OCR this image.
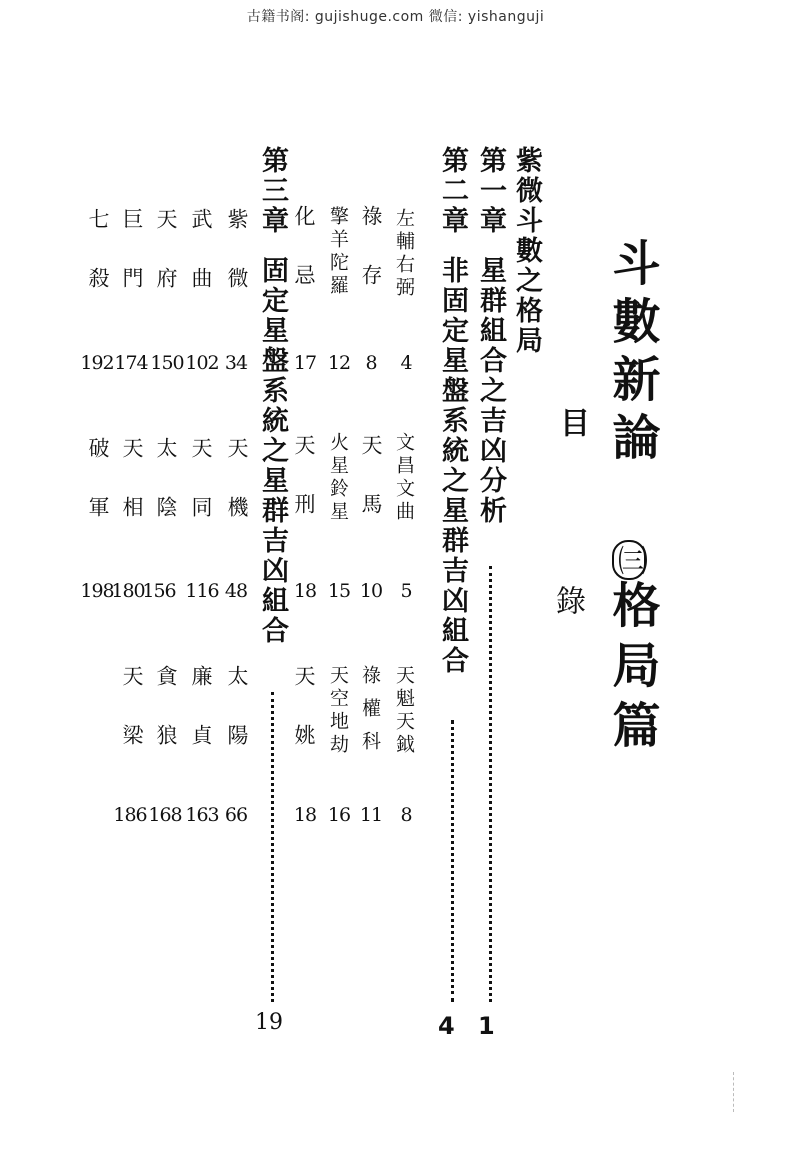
古籍书阁: gujishuge.com 微信: yishanguji
斗數新論
㈢
格局篇
目
錄
紫微斗數之格局
第一章星群組合之吉凶分析
1
第二章非固定星盤系統之星群吉凶組合
4
左輔右弼
4
文昌文曲
5
天魁天鉞
8
祿存
8
天馬
10
祿權科
11
擎羊陀羅
12
火星鈴星
15
天空地劫
16
化忌
17
天刑
18
天姚
18
第三章固定星盤系統之星群吉凶組合
19
紫微
34
天機
48
太陽
66
武曲
102
天同
116
廉貞
163
天府
150
太陰
156
貪狼
168
巨門
174
天相
180
天梁
186
七殺
192
破軍
198
